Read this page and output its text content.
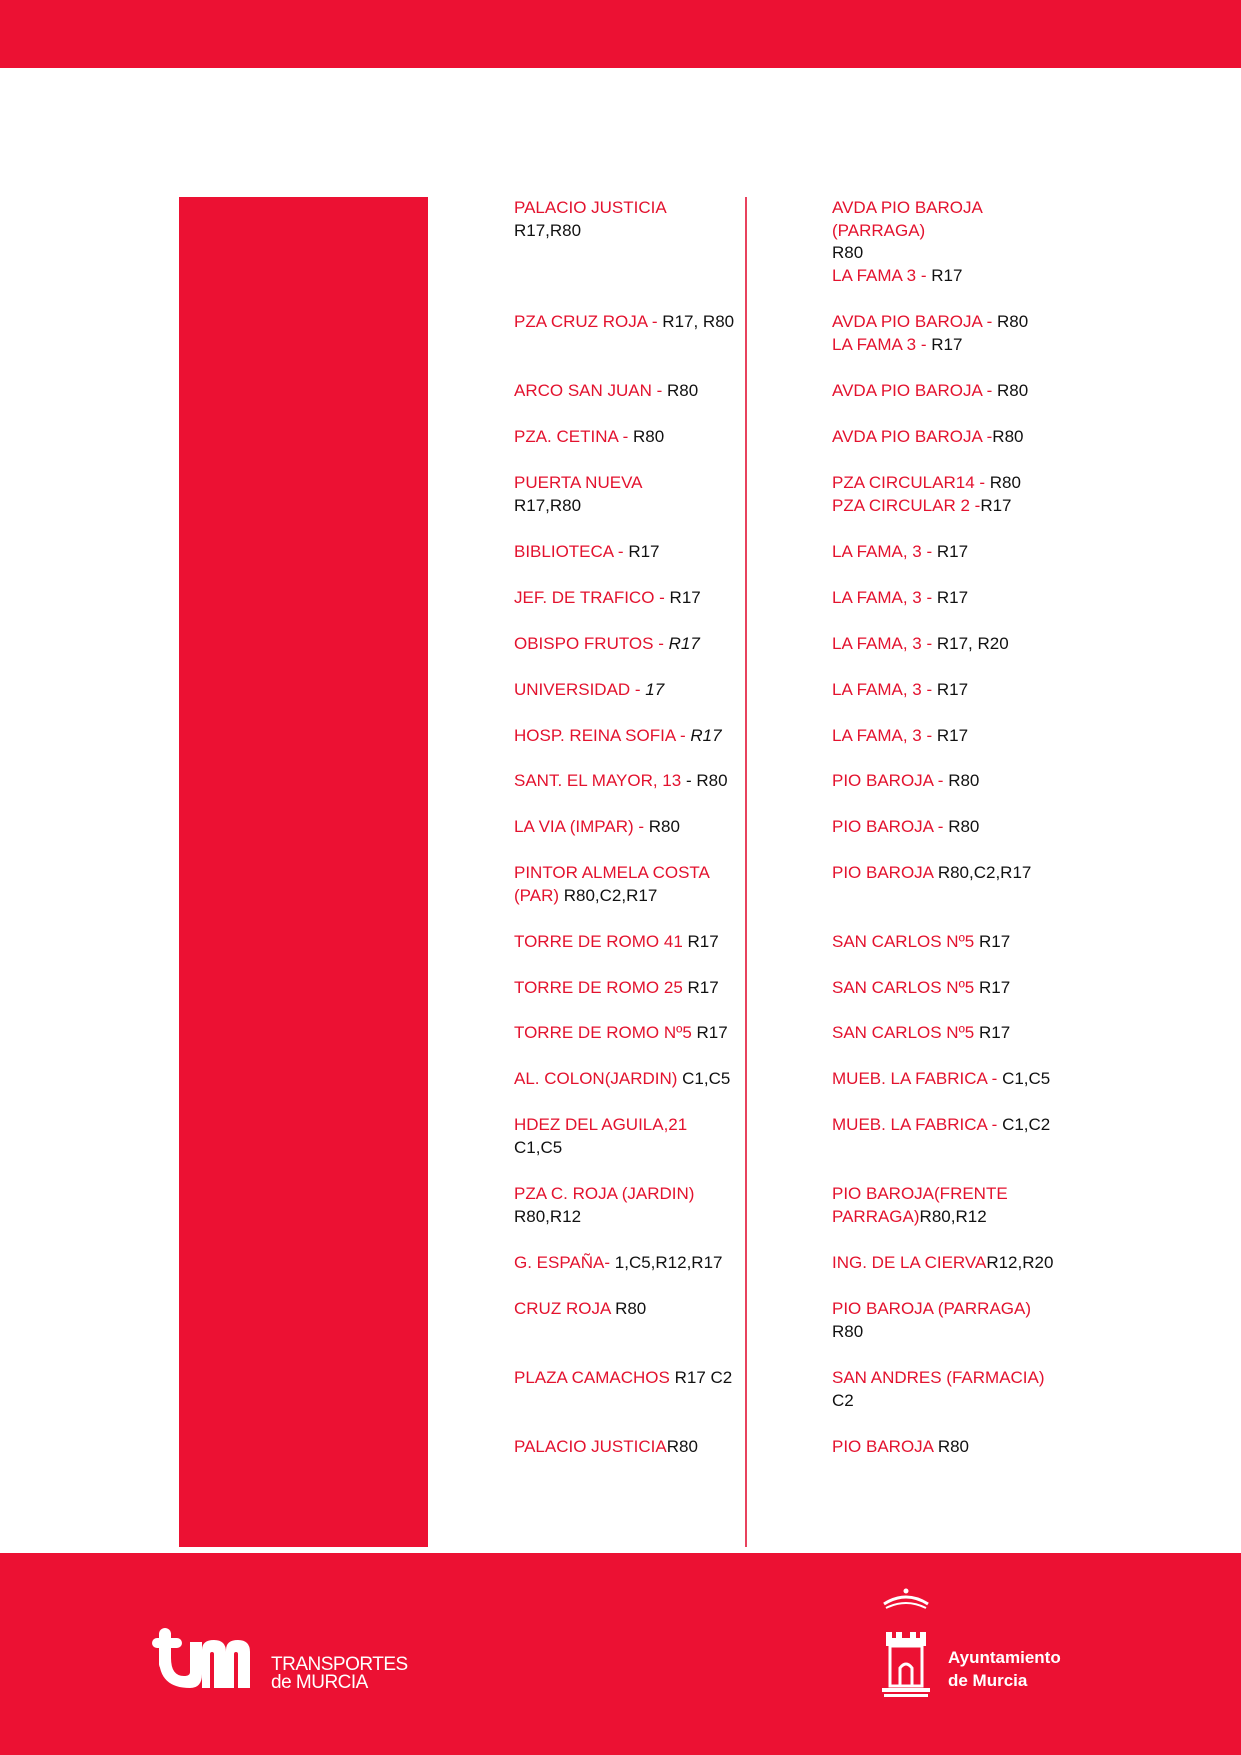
PALACIO JUSTICIA
R17,R80
PZA CRUZ ROJA - R17, R80
ARCO SAN JUAN - R80
PZA. CETINA - R80
PUERTA NUEVA
R17,R80
BIBLIOTECA - R17
JEF. DE TRAFICO - R17
OBISPO FRUTOS - R17
UNIVERSIDAD - 17
HOSP. REINA SOFIA - R17
SANT. EL MAYOR, 13 - R80
LA VIA (IMPAR) - R80
PINTOR ALMELA COSTA
(PAR) R80,C2,R17
TORRE DE ROMO 41 R17
TORRE DE ROMO 25 R17
TORRE DE ROMO Nº5 R17
AL. COLON(JARDIN) C1,C5
HDEZ DEL AGUILA,21
C1,C5
PZA C. ROJA (JARDIN)
R80,R12
G. ESPAÑA- 1,C5,R12,R17
CRUZ ROJA R80
PLAZA CAMACHOS R17 C2
PALACIO JUSTICIAR80
AVDA PIO BAROJA
(PARRAGA)
R80
LA FAMA 3 - R17
AVDA PIO BAROJA - R80
LA FAMA 3 - R17
AVDA PIO BAROJA - R80
AVDA PIO BAROJA -R80
PZA CIRCULAR14 - R80
PZA CIRCULAR 2 -R17
LA FAMA, 3 - R17
LA FAMA, 3 - R17
LA FAMA, 3 - R17, R20
LA FAMA, 3 - R17
LA FAMA, 3 - R17
PIO BAROJA - R80
PIO BAROJA - R80
PIO BAROJA R80,C2,R17
SAN CARLOS Nº5 R17
SAN CARLOS Nº5 R17
SAN CARLOS Nº5 R17
MUEB. LA FABRICA - C1,C5
MUEB. LA FABRICA - C1,C2
PIO BAROJA(FRENTE
PARRAGA)R80,R12
ING. DE LA CIERVAR12,R20
PIO BAROJA (PARRAGA)
R80
SAN ANDRES (FARMACIA)
C2
PIO BAROJA R80
TRANSPORTES
de MURCIA
Ayuntamiento
de Murcia
